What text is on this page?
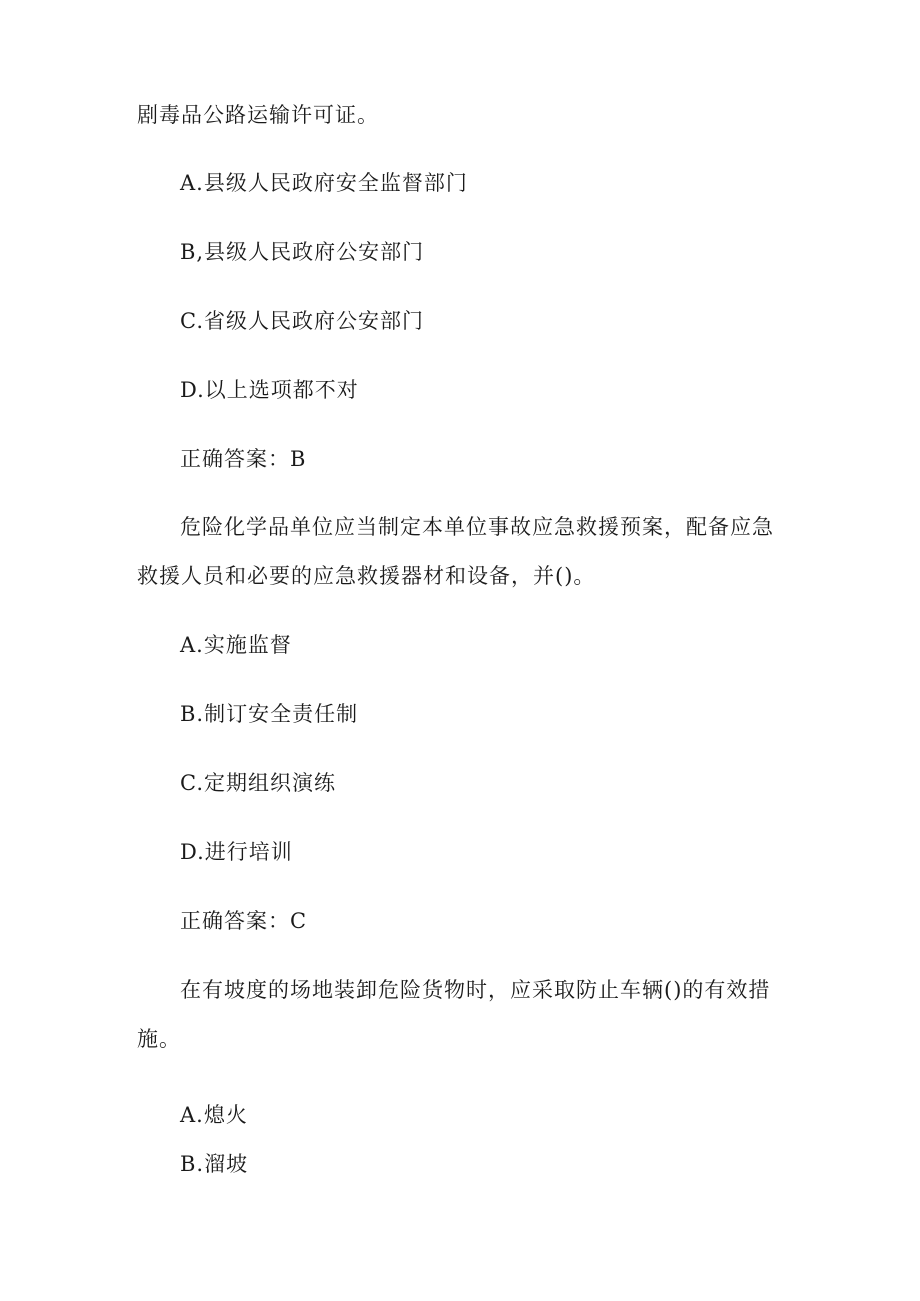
剧毒品公路运输许可证。
A.县级人民政府安全监督部门
B,县级人民政府公安部门
C.省级人民政府公安部门
D.以上选项都不对
正确答案：B
危险化学品单位应当制定本单位事故应急救援预案，配备应急
救援人员和必要的应急救援器材和设备，并()。
A.实施监督
B.制订安全责任制
C.定期组织演练
D.进行培训
正确答案：C
在有坡度的场地装卸危险货物时，应采取防止车辆()的有效措
施。
A.熄火
B.溜坡
